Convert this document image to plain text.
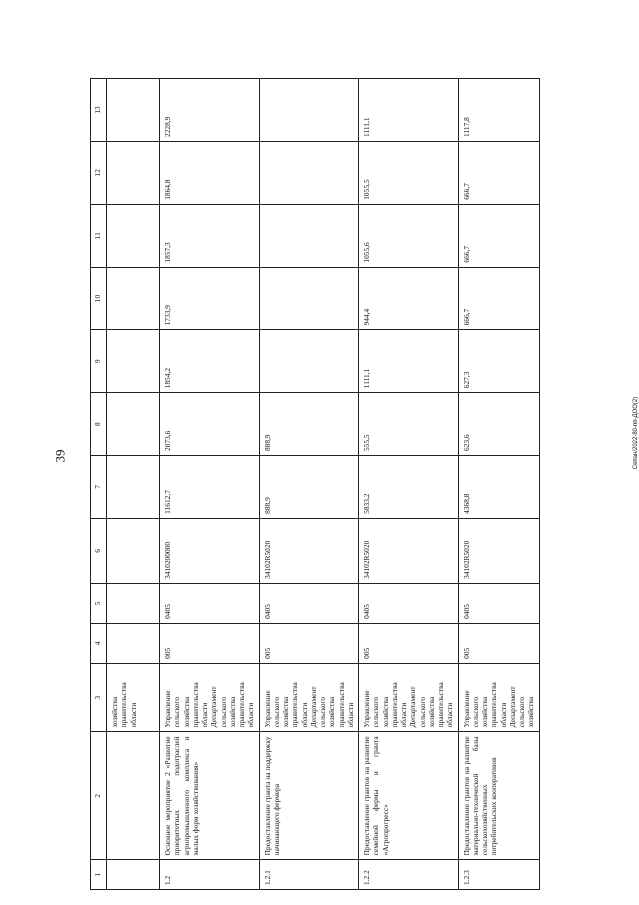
39	Сепан/2022-80-пп-ДОО(2)
1	2	3	4	5	6	7	8	9	10	11	12	13
		хозяйства правительства области										
1.2	Основное мероприятие 2 «Развитие приоритетных подотраслей агропромышленного комплекса и малых форм хозяйствования»	Управление сельского хозяйства правительства области Департамент сельского хозяйства правительства области	005	0405	3410200000	11612,7	2073,6	1854,2	1733,9	1857,3	1864,8	2228,9
1.2.1	Предоставление гранта на поддержку начинающего фермера	Управление сельского хозяйства правительства области Департамент сельского хозяйства правительства области	005	0405	34102R5020	888,9	888,9					
1.2.2	Предоставление грантов на развитие семейной фермы и гранта «Агропрогресс»	Управление сельского хозяйства правительства области Департамент сельского хозяйства правительства области	005	0405	34102R5020	5833,2	555,5	1111,1	944,4	1055,6	1055,5	1111,1
1.2.3	Предоставление грантов на развитие материально-технической базы сельскохозяйственных потребительских кооперативов	Управление сельского хозяйства правительства области Департамент сельского хозяйства	005	0405	34102R5020	4368,8	623,6	627,3	666,7	666,7	666,7	1117,8
